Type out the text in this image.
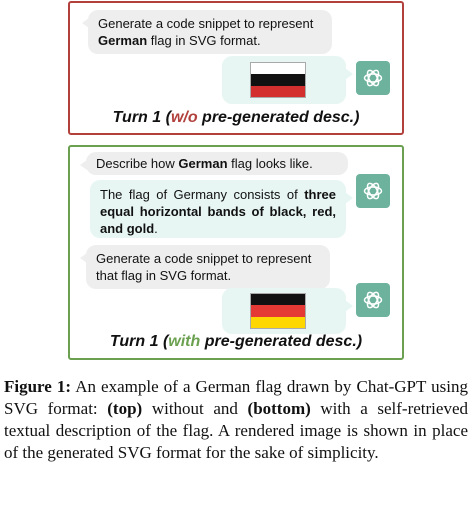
Generate a code snippet to represent
German flag in SVG format.
Turn 1 (w/o pre-generated desc.)
Describe how German flag looks like.
The flag of Germany consists of three equal horizontal bands of black, red, and gold.
Generate a code snippet to represent
that flag in SVG format.
Turn 1 (with pre-generated desc.)
Figure 1: An example of a German flag drawn by Chat-GPT using SVG format: (top) without and (bottom) with a self-retrieved textual description of the flag. A rendered image is shown in place of the generated SVG format for the sake of simplicity.
